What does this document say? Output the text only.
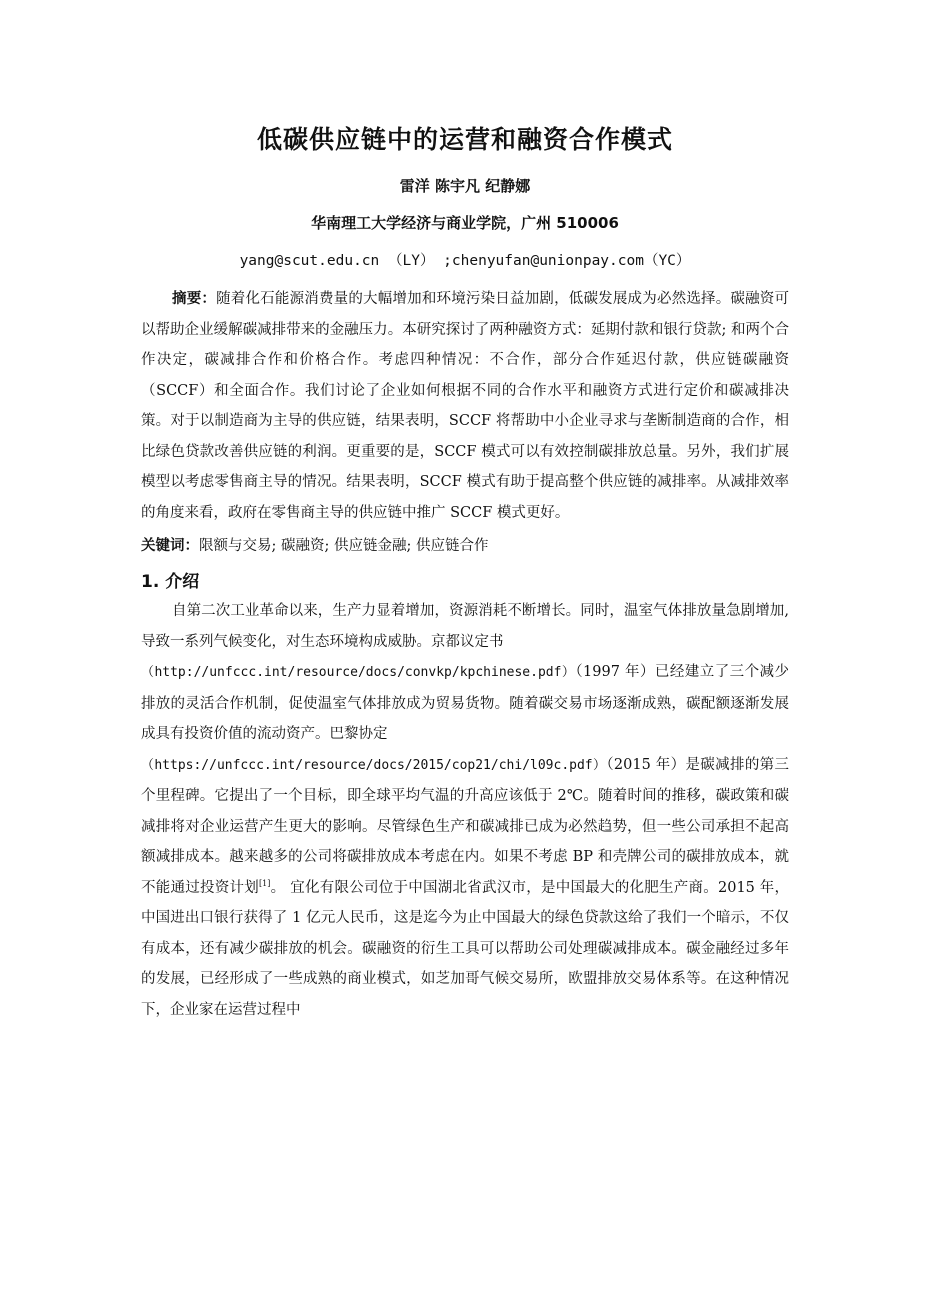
低碳供应链中的运营和融资合作模式
雷洋 陈宇凡 纪静娜
华南理工大学经济与商业学院，广州 510006
yang@scut.edu.cn （LY） ;chenyufan@unionpay.com（YC）

摘要：随着化石能源消费量的大幅增加和环境污染日益加剧，低碳发展成为必然选择。碳融资可以帮助企业缓解碳减排带来的金融压力。本研究探讨了两种融资方式：延期付款和银行贷款; 和两个合作决定，碳减排合作和价格合作。考虑四种情况：不合作，部分合作延迟付款，供应链碳融资（SCCF）和全面合作。我们讨论了企业如何根据不同的合作水平和融资方式进行定价和碳减排决策。对于以制造商为主导的供应链，结果表明，SCCF 将帮助中小企业寻求与垄断制造商的合作，相比绿色贷款改善供应链的利润。更重要的是，SCCF 模式可以有效控制碳排放总量。另外，我们扩展模型以考虑零售商主导的情况。结果表明，SCCF 模式有助于提高整个供应链的减排率。从减排效率的角度来看，政府在零售商主导的供应链中推广 SCCF 模式更好。

关键词：限额与交易; 碳融资; 供应链金融; 供应链合作

1. 介绍
自第二次工业革命以来，生产力显着增加，资源消耗不断增长。同时，温室气体排放量急剧增加,导致一系列气候变化，对生态环境构成威胁。京都议定书
（http://unfccc.int/resource/docs/convkp/kpchinese.pdf）（1997 年）已经建立了三个减少排放的灵活合作机制，促使温室气体排放成为贸易货物。随着碳交易市场逐渐成熟，碳配额逐渐发展成具有投资价值的流动资产。巴黎协定
（https://unfccc.int/resource/docs/2015/cop21/chi/l09c.pdf）（2015 年）是碳减排的第三个里程碑。它提出了一个目标，即全球平均气温的升高应该低于 2℃。随着时间的推移，碳政策和碳减排将对企业运营产生更大的影响。尽管绿色生产和碳减排已成为必然趋势，但一些公司承担不起高额减排成本。越来越多的公司将碳排放成本考虑在内。如果不考虑 BP 和壳牌公司的碳排放成本，就不能通过投资计划[1]。 宜化有限公司位于中国湖北省武汉市，是中国最大的化肥生产商。2015 年，中国进出口银行获得了 1 亿元人民币，这是迄今为止中国最大的绿色贷款这给了我们一个暗示，不仅有成本，还有减少碳排放的机会。碳融资的衍生工具可以帮助公司处理碳减排成本。碳金融经过多年的发展，已经形成了一些成熟的商业模式，如芝加哥气候交易所，欧盟排放交易体系等。在这种情况下，企业家在运营过程中
